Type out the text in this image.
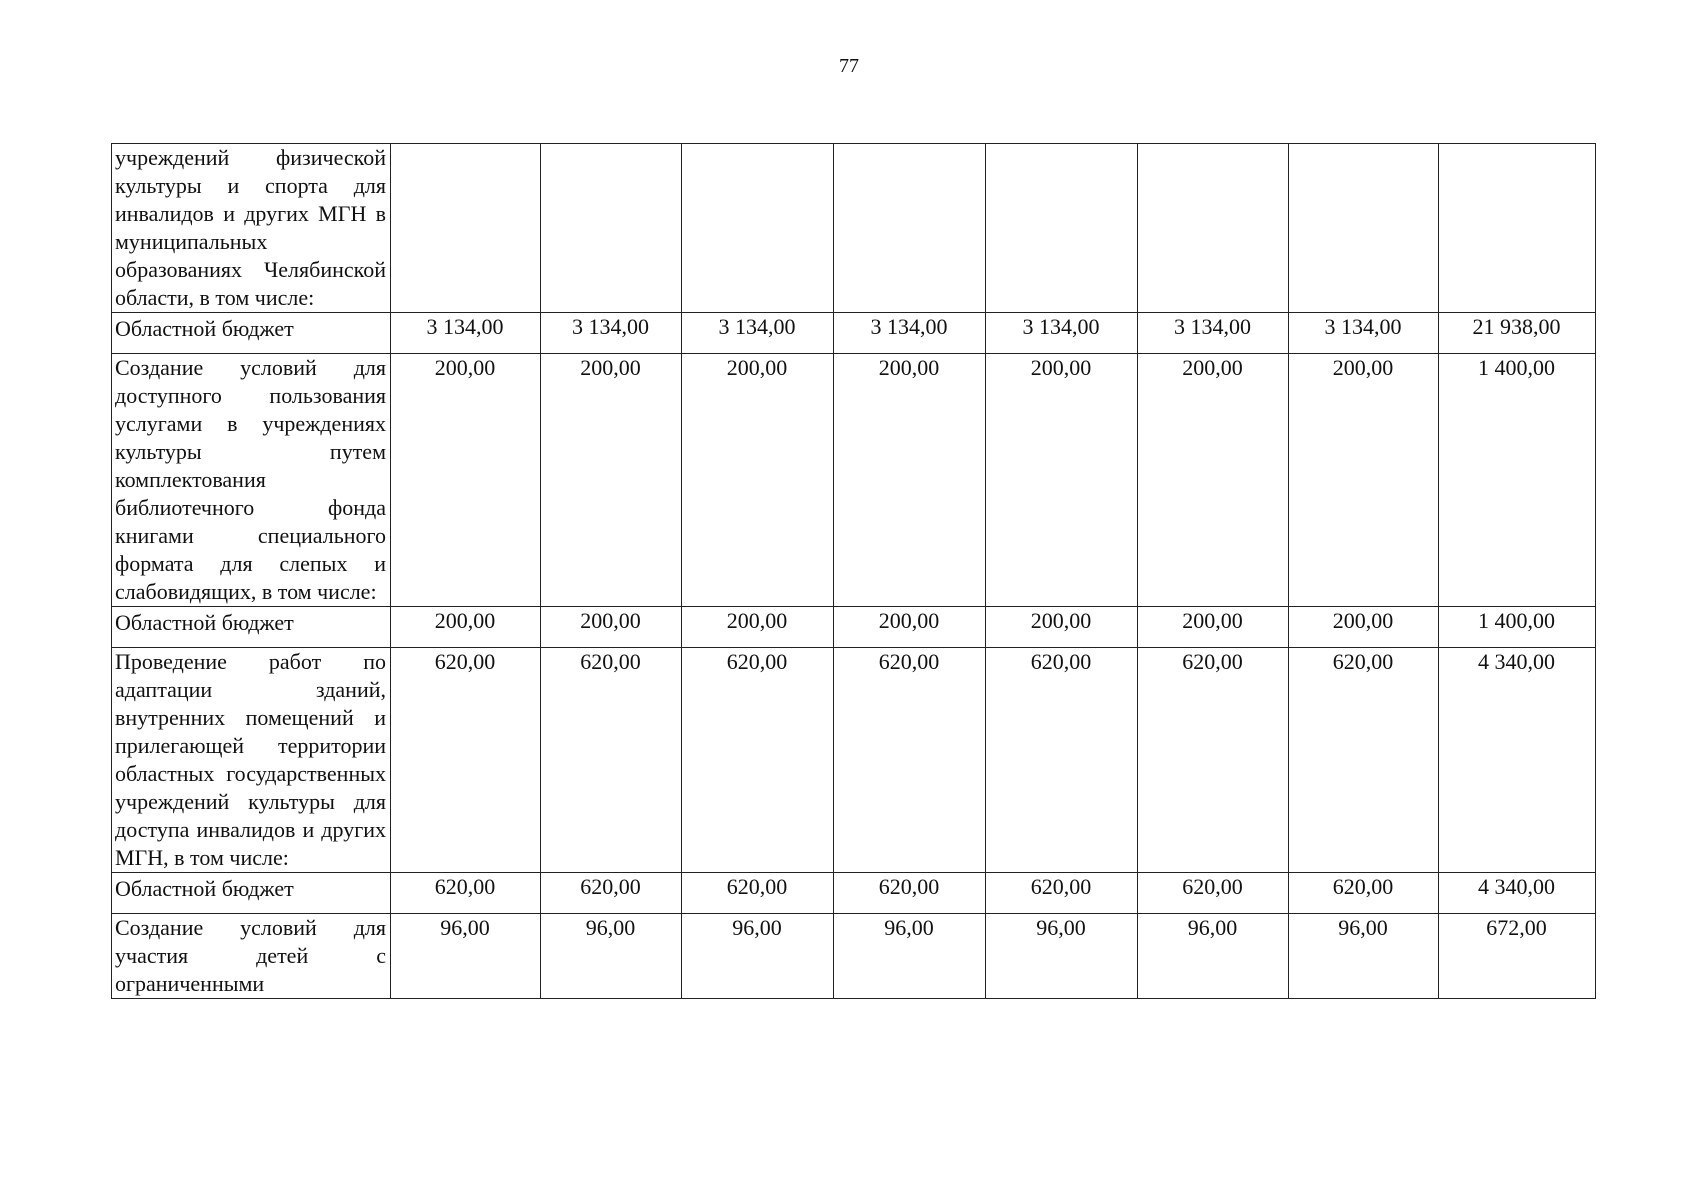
77
учреждений физической культуры и спорта для инвалидов и других МГН в муниципальных образованиях Челябинской области, в том числе:								
Областной бюджет	3 134,00	3 134,00	3 134,00	3 134,00	3 134,00	3 134,00	3 134,00	21 938,00
Создание условий для доступного пользования услугами в учреждениях культуры путем комплектования библиотечного фонда книгами специального формата для слепых и слабовидящих, в том числе:	200,00	200,00	200,00	200,00	200,00	200,00	200,00	1 400,00
Областной бюджет	200,00	200,00	200,00	200,00	200,00	200,00	200,00	1 400,00
Проведение работ по адаптации зданий, внутренних помещений и прилегающей территории областных государственных учреждений культуры для доступа инвалидов и других МГН, в том числе:	620,00	620,00	620,00	620,00	620,00	620,00	620,00	4 340,00
Областной бюджет	620,00	620,00	620,00	620,00	620,00	620,00	620,00	4 340,00
Создание условий для участия детей с ограниченными	96,00	96,00	96,00	96,00	96,00	96,00	96,00	672,00
